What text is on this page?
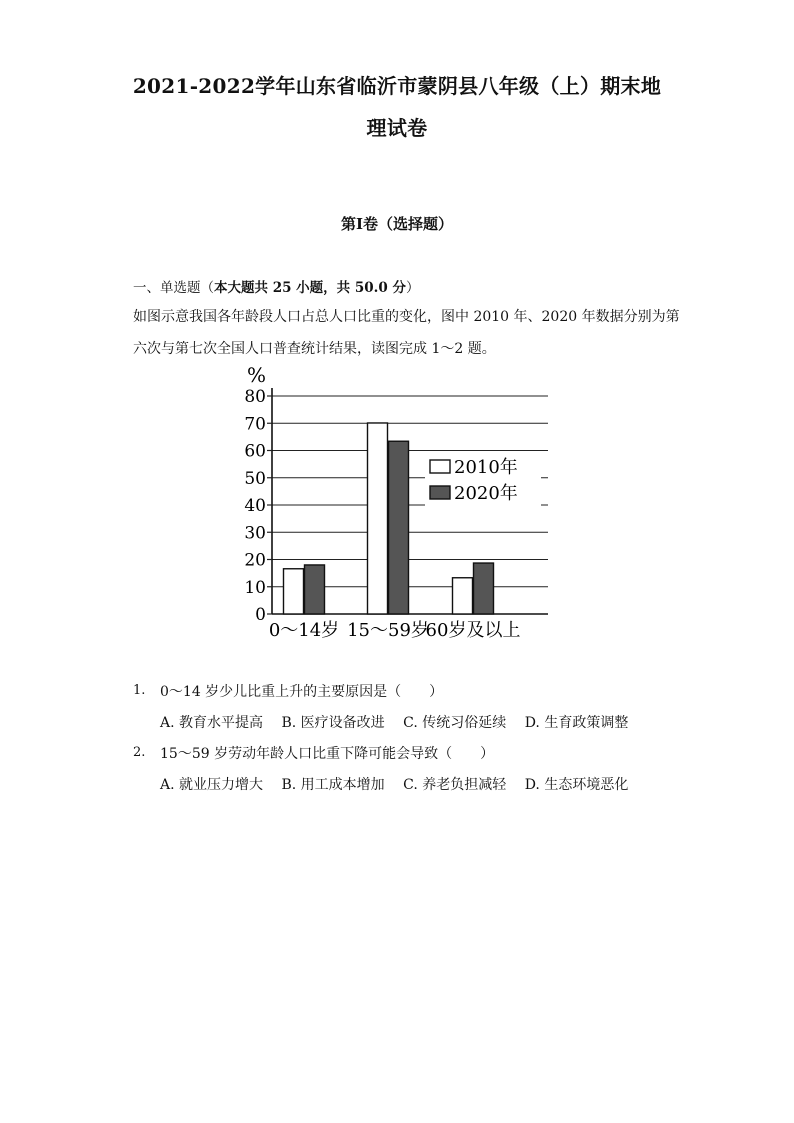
2021-2022学年山东省临沂市蒙阴县八年级（上）期末地
理试卷
第I卷（选择题）
一、单选题（本大题共 25 小题，共 50.0 分）
如图示意我国各年龄段人口占总人口比重的变化，图中 2010 年、2020 年数据分别为第
六次与第七次全国人口普查统计结果，读图完成 1～2 题。
0
10
20
30
40
50
60
70
80
0～14岁 15～59岁
60岁及以上
2010年
2020年
%
0～14 岁少儿比重上升的主要原因是（　　）
1.
A. 教育水平提高 B. 医疗设备改进 C. 传统习俗延续 D. 生育政策调整
15～59 岁劳动年龄人口比重下降可能会导致（　　）
2.
A. 就业压力增大 B. 用工成本增加 C. 养老负担减轻 D. 生态环境恶化
